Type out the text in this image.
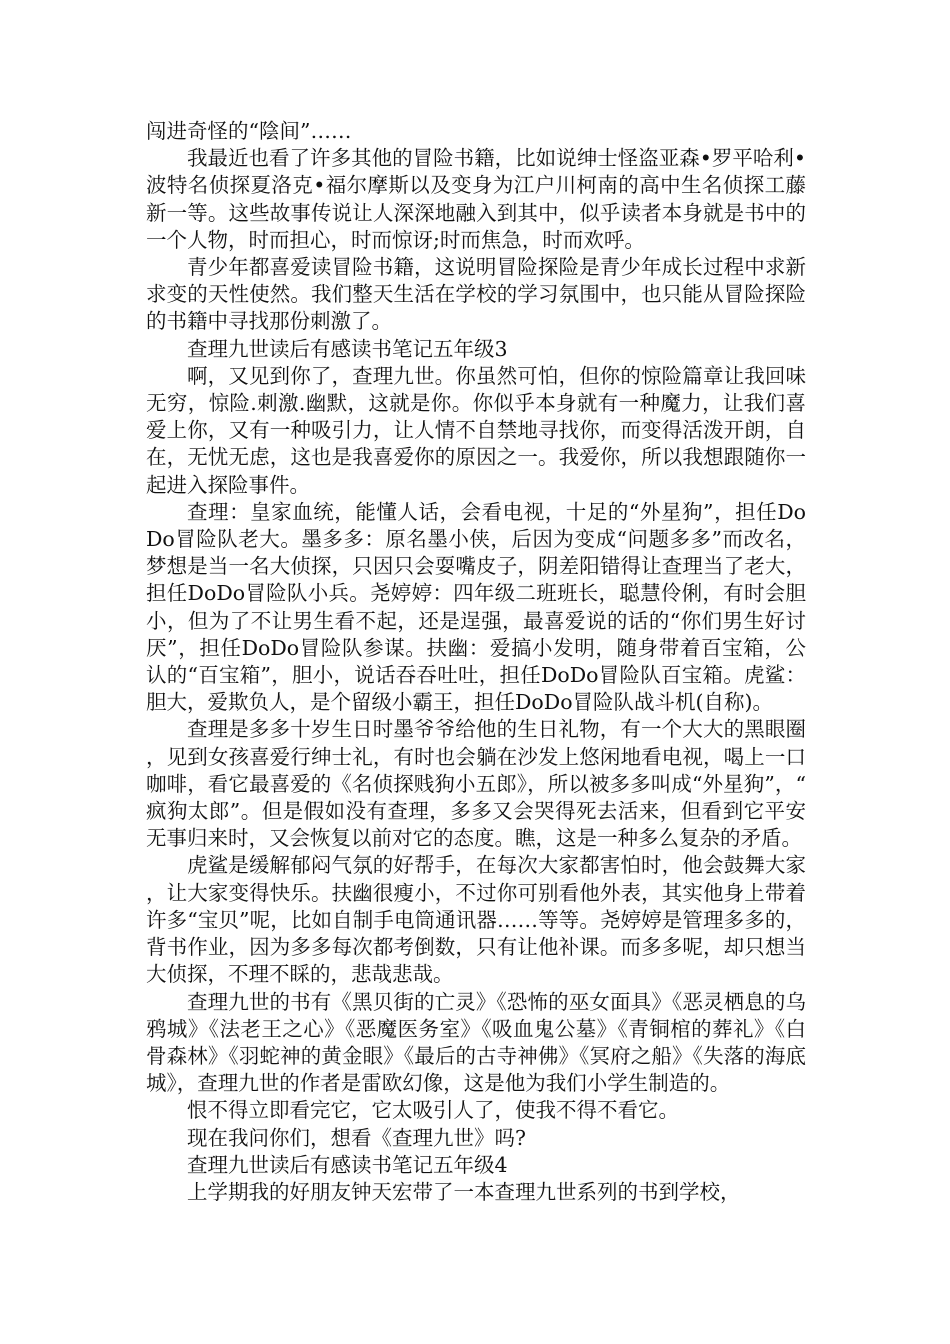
闯进奇怪的“陰间”……

我最近也看了许多其他的冒险书籍，比如说绅士怪盗亚森•罗平哈利•波特名侦探夏洛克•福尔摩斯以及变身为江户川柯南的高中生名侦探工藤新一等。这些故事传说让人深深地融入到其中，似乎读者本身就是书中的一个人物，时而担心，时而惊讶;时而焦急，时而欢呼。

青少年都喜爱读冒险书籍，这说明冒险探险是青少年成长过程中求新求变的天性使然。我们整天生活在学校的学习氛围中，也只能从冒险探险的书籍中寻找那份刺激了。

查理九世读后有感读书笔记五年级3

啊，又见到你了，查理九世。你虽然可怕，但你的惊险篇章让我回味无穷，惊险.刺激.幽默，这就是你。你似乎本身就有一种魔力，让我们喜爱上你，又有一种吸引力，让人情不自禁地寻找你，而变得活泼开朗，自在，无忧无虑，这也是我喜爱你的原因之一。我爱你，所以我想跟随你一起进入探险事件。

查理：皇家血统，能懂人话，会看电视，十足的“外星狗”，担任DoDo冒险队老大。墨多多：原名墨小侠，后因为变成“问题多多”而改名，梦想是当一名大侦探，只因只会耍嘴皮子，阴差阳错得让查理当了老大，担任DoDo冒险队小兵。尧婷婷：四年级二班班长，聪慧伶俐，有时会胆小，但为了不让男生看不起，还是逞强，最喜爱说的话的“你们男生好讨厌”，担任DoDo冒险队参谋。扶幽：爱搞小发明，随身带着百宝箱，公认的“百宝箱”，胆小，说话吞吞吐吐，担任DoDo冒险队百宝箱。虎鲨：胆大，爱欺负人，是个留级小霸王，担任DoDo冒险队战斗机(自称)。

查理是多多十岁生日时墨爷爷给他的生日礼物，有一个大大的黑眼圈，见到女孩喜爱行绅士礼，有时也会躺在沙发上悠闲地看电视，喝上一口咖啡，看它最喜爱的《名侦探贱狗小五郎》，所以被多多叫成“外星狗”，“疯狗太郎”。但是假如没有查理，多多又会哭得死去活来，但看到它平安无事归来时，又会恢复以前对它的态度。瞧，这是一种多么复杂的矛盾。

虎鲨是缓解郁闷气氛的好帮手，在每次大家都害怕时，他会鼓舞大家，让大家变得快乐。扶幽很瘦小，不过你可别看他外表，其实他身上带着许多“宝贝”呢，比如自制手电筒通讯器……等等。尧婷婷是管理多多的，背书作业，因为多多每次都考倒数，只有让他补课。而多多呢，却只想当大侦探，不理不睬的，悲哉悲哉。

查理九世的书有《黑贝街的亡灵》《恐怖的巫女面具》《恶灵栖息的乌鸦城》《法老王之心》《恶魔医务室》《吸血鬼公墓》《青铜棺的葬礼》《白骨森林》《羽蛇神的黄金眼》《最后的古寺神佛》《冥府之船》《失落的海底城》，查理九世的作者是雷欧幻像，这是他为我们小学生制造的。

恨不得立即看完它，它太吸引人了，使我不得不看它。

现在我问你们，想看《查理九世》吗?

查理九世读后有感读书笔记五年级4

上学期我的好朋友钟天宏带了一本查理九世系列的书到学校，
